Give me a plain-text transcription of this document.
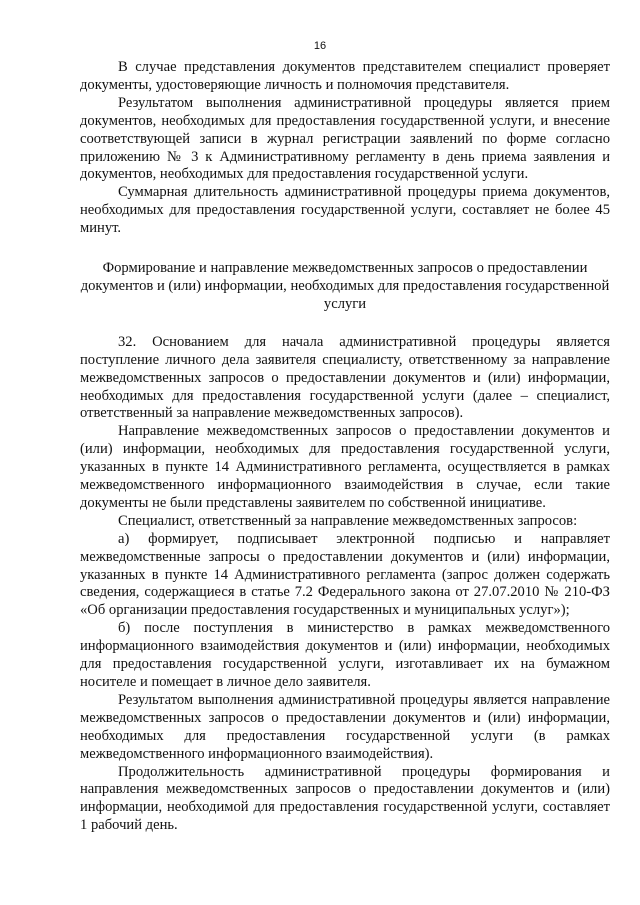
16

В случае представления документов представителем специалист проверяет документы, удостоверяющие личность и полномочия представителя.

Результатом выполнения административной процедуры является прием документов, необходимых для предоставления государственной услуги, и внесение соответствующей записи в журнал регистрации заявлений по форме согласно приложению № 3 к Административному регламенту в день приема заявления и документов, необходимых для предоставления государственной услуги.

Суммарная длительность административной процедуры приема документов, необходимых для предоставления государственной услуги, составляет не более 45 минут.

Формирование и направление межведомственных запросов о предоставлении документов и (или) информации, необходимых для предоставления государственной услуги

32. Основанием для начала административной процедуры является поступление личного дела заявителя специалисту, ответственному за направление межведомственных запросов о предоставлении документов и (или) информации, необходимых для предоставления государственной услуги (далее – специалист, ответственный за направление межведомственных запросов).

Направление межведомственных запросов о предоставлении документов и (или) информации, необходимых для предоставления государственной услуги, указанных в пункте 14 Административного регламента, осуществляется в рамках межведомственного информационного взаимодействия в случае, если такие документы не были представлены заявителем по собственной инициативе.

Специалист, ответственный за направление межведомственных запросов:

а) формирует, подписывает электронной подписью и направляет межведомственные запросы о предоставлении документов и (или) информации, указанных в пункте 14 Административного регламента (запрос должен содержать сведения, содержащиеся в статье 7.2 Федерального закона от 27.07.2010 № 210-ФЗ «Об организации предоставления государственных и муниципальных услуг»);

б) после поступления в министерство в рамках межведомственного информационного взаимодействия документов и (или) информации, необходимых для предоставления государственной услуги, изготавливает их на бумажном носителе и помещает в личное дело заявителя.

Результатом выполнения административной процедуры является направление межведомственных запросов о предоставлении документов и (или) информации, необходимых для предоставления государственной услуги (в рамках межведомственного информационного взаимодействия).

Продолжительность административной процедуры формирования и направления межведомственных запросов о предоставлении документов и (или) информации, необходимой для предоставления государственной услуги, составляет 1 рабочий день.
